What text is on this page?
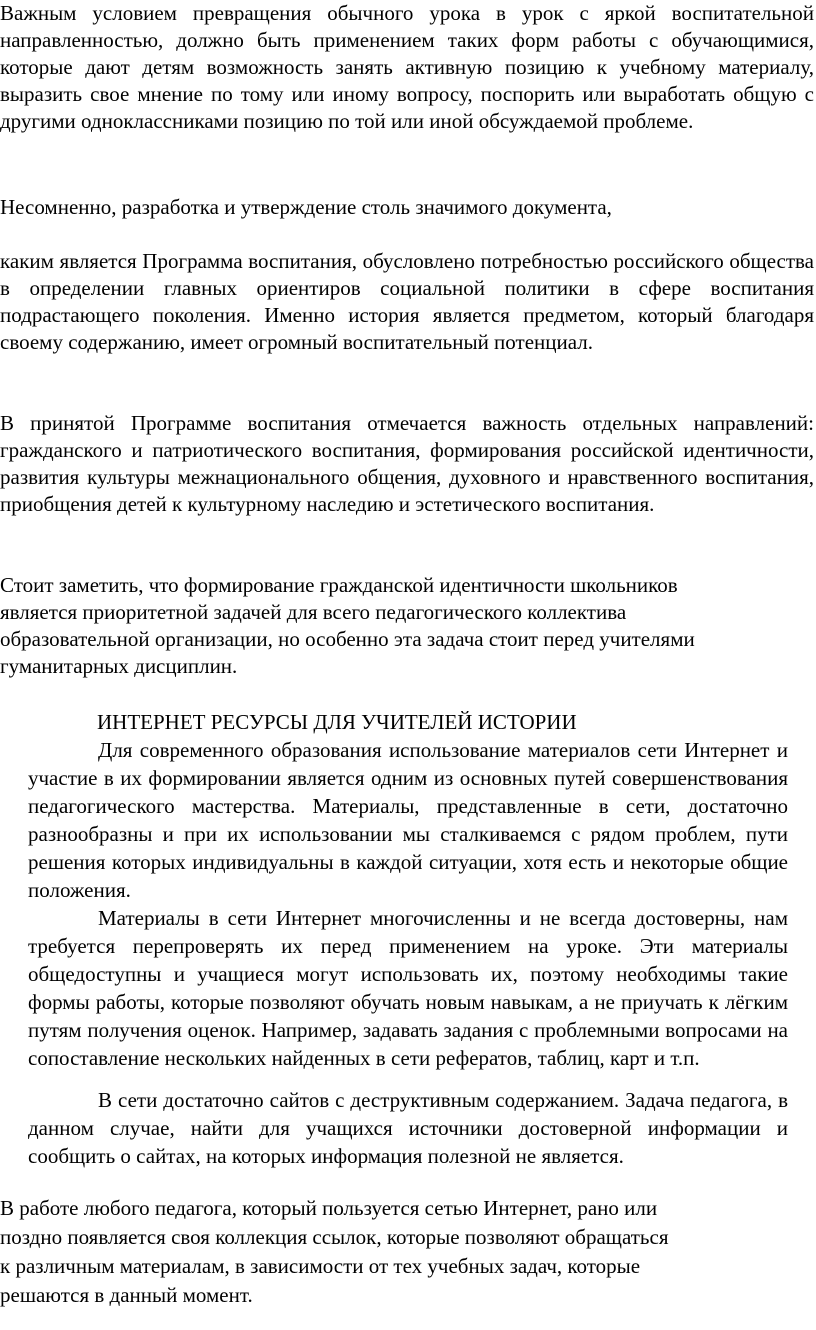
Важным условием превращения обычного урока в урок с яркой воспитательной направленностью, должно быть применением таких форм работы с обучающимися, которые дают детям возможность занять активную позицию к учебному материалу, выразить свое мнение по тому или иному вопросу, поспорить или выработать общую с другими одноклассниками позицию по той или иной обсуждаемой проблеме.

Несомненно, разработка и утверждение столь значимого документа,

каким является Программа воспитания, обусловлено потребностью российского общества в определении главных ориентиров социальной политики в сфере воспитания подрастающего поколения. Именно история является предметом, который благодаря своему содержанию, имеет огромный воспитательный потенциал.

В принятой Программе воспитания отмечается важность отдельных направлений: гражданского и патриотического воспитания, формирования российской идентичности, развития культуры межнационального общения, духовного и нравственного воспитания, приобщения детей к культурному наследию и эстетического воспитания.

Стоит заметить, что формирование гражданской идентичности школьников
является приоритетной задачей для всего педагогического коллектива
образовательной организации, но особенно эта задача стоит перед учителями
гуманитарных дисциплин.

ИНТЕРНЕТ РЕСУРСЫ ДЛЯ УЧИТЕЛЕЙ ИСТОРИИ

Для современного образования использование материалов сети Интернет и участие в их формировании является одним из основных путей совершенствования педагогического мастерства. Материалы, представленные в сети, достаточно разнообразны и при их использовании мы сталкиваемся с рядом проблем, пути решения которых индивидуальны в каждой ситуации, хотя есть и некоторые общие положения.

Материалы в сети Интернет многочисленны и не всегда достоверны, нам требуется перепроверять их перед применением на уроке. Эти материалы общедоступны и учащиеся могут использовать их, поэтому необходимы такие формы работы, которые позволяют обучать новым навыкам, а не приучать к лёгким путям получения оценок. Например, задавать задания с проблемными вопросами на сопоставление нескольких найденных в сети рефератов, таблиц, карт и т.п.

В сети достаточно сайтов с деструктивным содержанием. Задача педагога, в данном случае, найти для учащихся источники достоверной информации и сообщить о сайтах, на которых информация полезной не является.

В работе любого педагога, который пользуется сетью Интернет, рано или
поздно появляется своя коллекция ссылок, которые позволяют обращаться
к различным материалам, в зависимости от тех учебных задач, которые
решаются в данный момент.
